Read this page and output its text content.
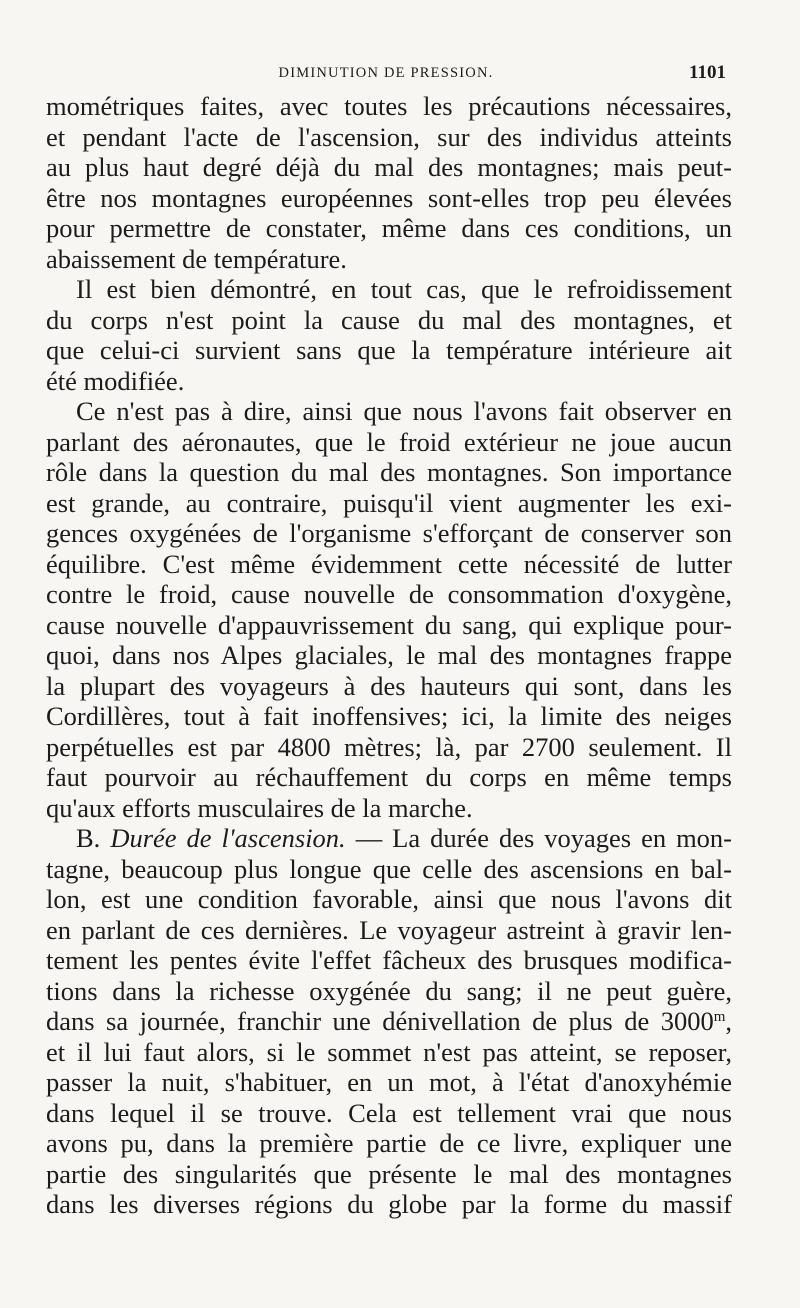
DIMINUTION DE PRESSION.	1101
mométriques faites, avec toutes les précautions nécessaires,
et pendant l'acte de l'ascension, sur des individus atteints
au plus haut degré déjà du mal des montagnes; mais peut-
être nos montagnes européennes sont-elles trop peu élevées
pour permettre de constater, même dans ces conditions, un
abaissement de température.
Il est bien démontré, en tout cas, que le refroidissement
du corps n'est point la cause du mal des montagnes, et
que celui-ci survient sans que la température intérieure ait
été modifiée.
Ce n'est pas à dire, ainsi que nous l'avons fait observer en
parlant des aéronautes, que le froid extérieur ne joue aucun
rôle dans la question du mal des montagnes. Son importance
est grande, au contraire, puisqu'il vient augmenter les exi-
gences oxygénées de l'organisme s'efforçant de conserver son
équilibre. C'est même évidemment cette nécessité de lutter
contre le froid, cause nouvelle de consommation d'oxygène,
cause nouvelle d'appauvrissement du sang, qui explique pour-
quoi, dans nos Alpes glaciales, le mal des montagnes frappe
la plupart des voyageurs à des hauteurs qui sont, dans les
Cordillères, tout à fait inoffensives; ici, la limite des neiges
perpétuelles est par 4800 mètres; là, par 2700 seulement. Il
faut pourvoir au réchauffement du corps en même temps
qu'aux efforts musculaires de la marche.
B. Durée de l'ascension. — La durée des voyages en mon-
tagne, beaucoup plus longue que celle des ascensions en bal-
lon, est une condition favorable, ainsi que nous l'avons dit
en parlant de ces dernières. Le voyageur astreint à gravir len-
tement les pentes évite l'effet fâcheux des brusques modifica-
tions dans la richesse oxygénée du sang; il ne peut guère,
dans sa journée, franchir une dénivellation de plus de 3000$^m$,
et il lui faut alors, si le sommet n'est pas atteint, se reposer,
passer la nuit, s'habituer, en un mot, à l'état d'anoxyhémie
dans lequel il se trouve. Cela est tellement vrai que nous
avons pu, dans la première partie de ce livre, expliquer une
partie des singularités que présente le mal des montagnes
dans les diverses régions du globe par la forme du massif
